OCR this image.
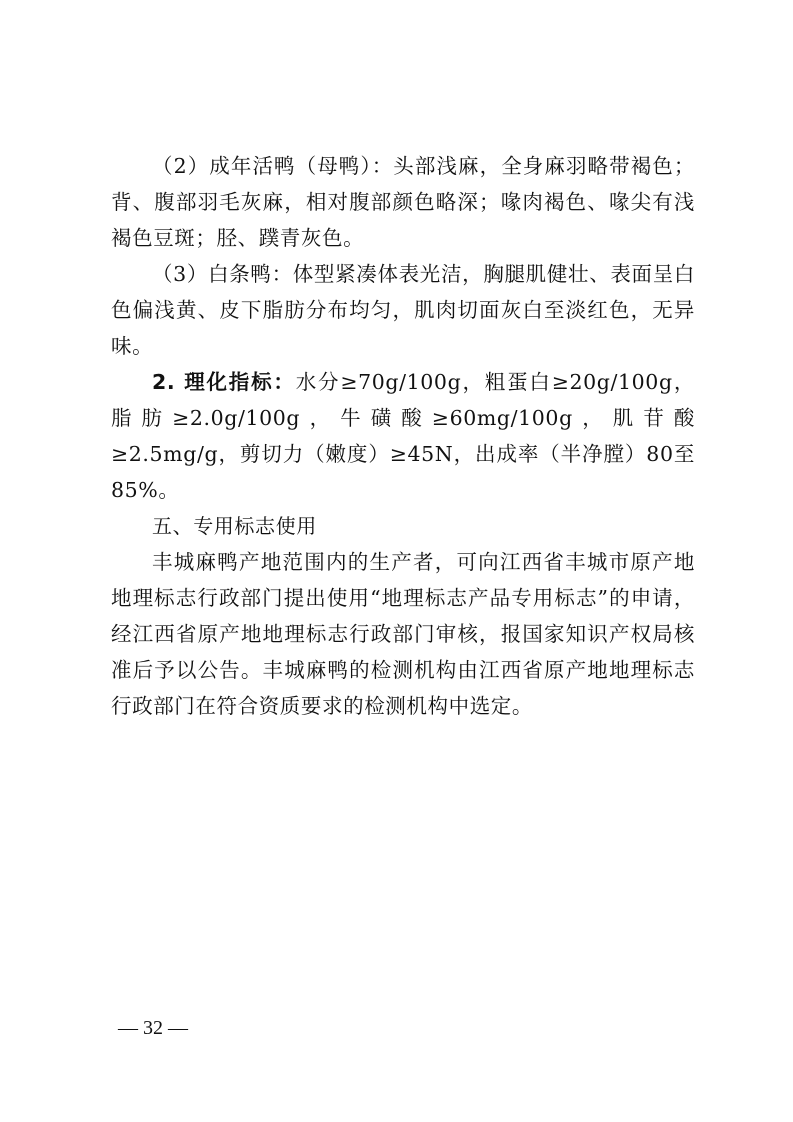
（2）成年活鸭（母鸭）：头部浅麻，全身麻羽略带褐色；背、腹部羽毛灰麻，相对腹部颜色略深；喙肉褐色、喙尖有浅褐色豆斑；胫、蹼青灰色。

（3）白条鸭：体型紧凑体表光洁，胸腿肌健壮、表面呈白色偏浅黄、皮下脂肪分布均匀，肌肉切面灰白至淡红色，无异味。

2. 理化指标：水分≥70g/100g，粗蛋白≥20g/100g，脂肪≥2.0g/100g，牛磺酸≥60mg/100g，肌苷酸≥2.5mg/g，剪切力（嫩度）≥45N，出成率（半净膛）80至85%。

五、专用标志使用

丰城麻鸭产地范围内的生产者，可向江西省丰城市原产地地理标志行政部门提出使用“地理标志产品专用标志”的申请，经江西省原产地地理标志行政部门审核，报国家知识产权局核准后予以公告。丰城麻鸭的检测机构由江西省原产地地理标志行政部门在符合资质要求的检测机构中选定。

— 32 —
